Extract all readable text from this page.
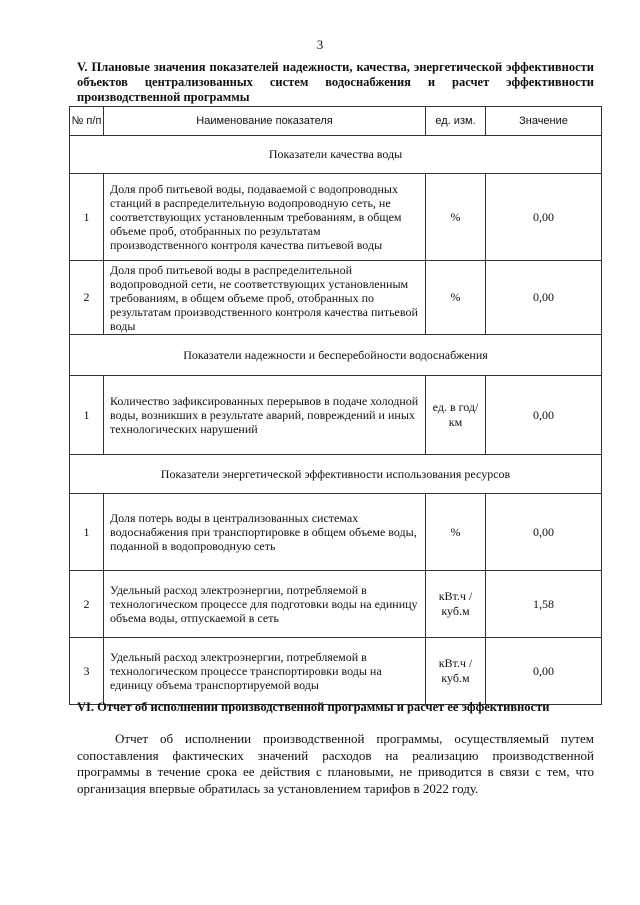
3
V. Плановые значения показателей надежности, качества, энергетической эффективности объектов централизованных систем водоснабжения и расчет эффективности производственной программы
№ п/п	Наименование показателя	ед. изм.	Значение
Показатели качества воды			
1	Доля проб питьевой воды, подаваемой с водопроводных станций в распределительную водопроводную сеть, не соответствующих установленным требованиям, в общем объеме проб, отобранных по результатам производственного контроля качества питьевой воды	%	0,00
2	Доля проб питьевой воды в распределительной водопроводной сети, не соответствующих установленным требованиям, в общем объеме проб, отобранных по результатам производственного контроля качества питьевой воды	%	0,00
Показатели надежности и бесперебойности водоснабжения			
1	Количество зафиксированных перерывов в подаче холодной воды, возникших в результате аварий, повреждений и иных технологических нарушений	ед. в год/ км	0,00
Показатели энергетической эффективности использования ресурсов			
1	Доля потерь воды в централизованных системах водоснабжения при транспортировке в общем объеме воды, поданной в водопроводную сеть	%	0,00
2	Удельный расход электроэнергии, потребляемой в технологическом процессе для подготовки воды на единицу объема воды, отпускаемой в сеть	кВт.ч / куб.м	1,58
3	Удельный расход электроэнергии, потребляемой в технологическом процессе транспортировки воды на единицу объема транспортируемой воды	кВт.ч / куб.м	0,00
VI. Отчет об исполнении производственной программы и расчет ее эффективности
Отчет об исполнении производственной программы, осуществляемый путем сопоставления фактических значений расходов на реализацию производственной программы в течение срока ее действия с плановыми, не приводится в связи с тем, что организация впервые обратилась за установлением тарифов в 2022 году.
